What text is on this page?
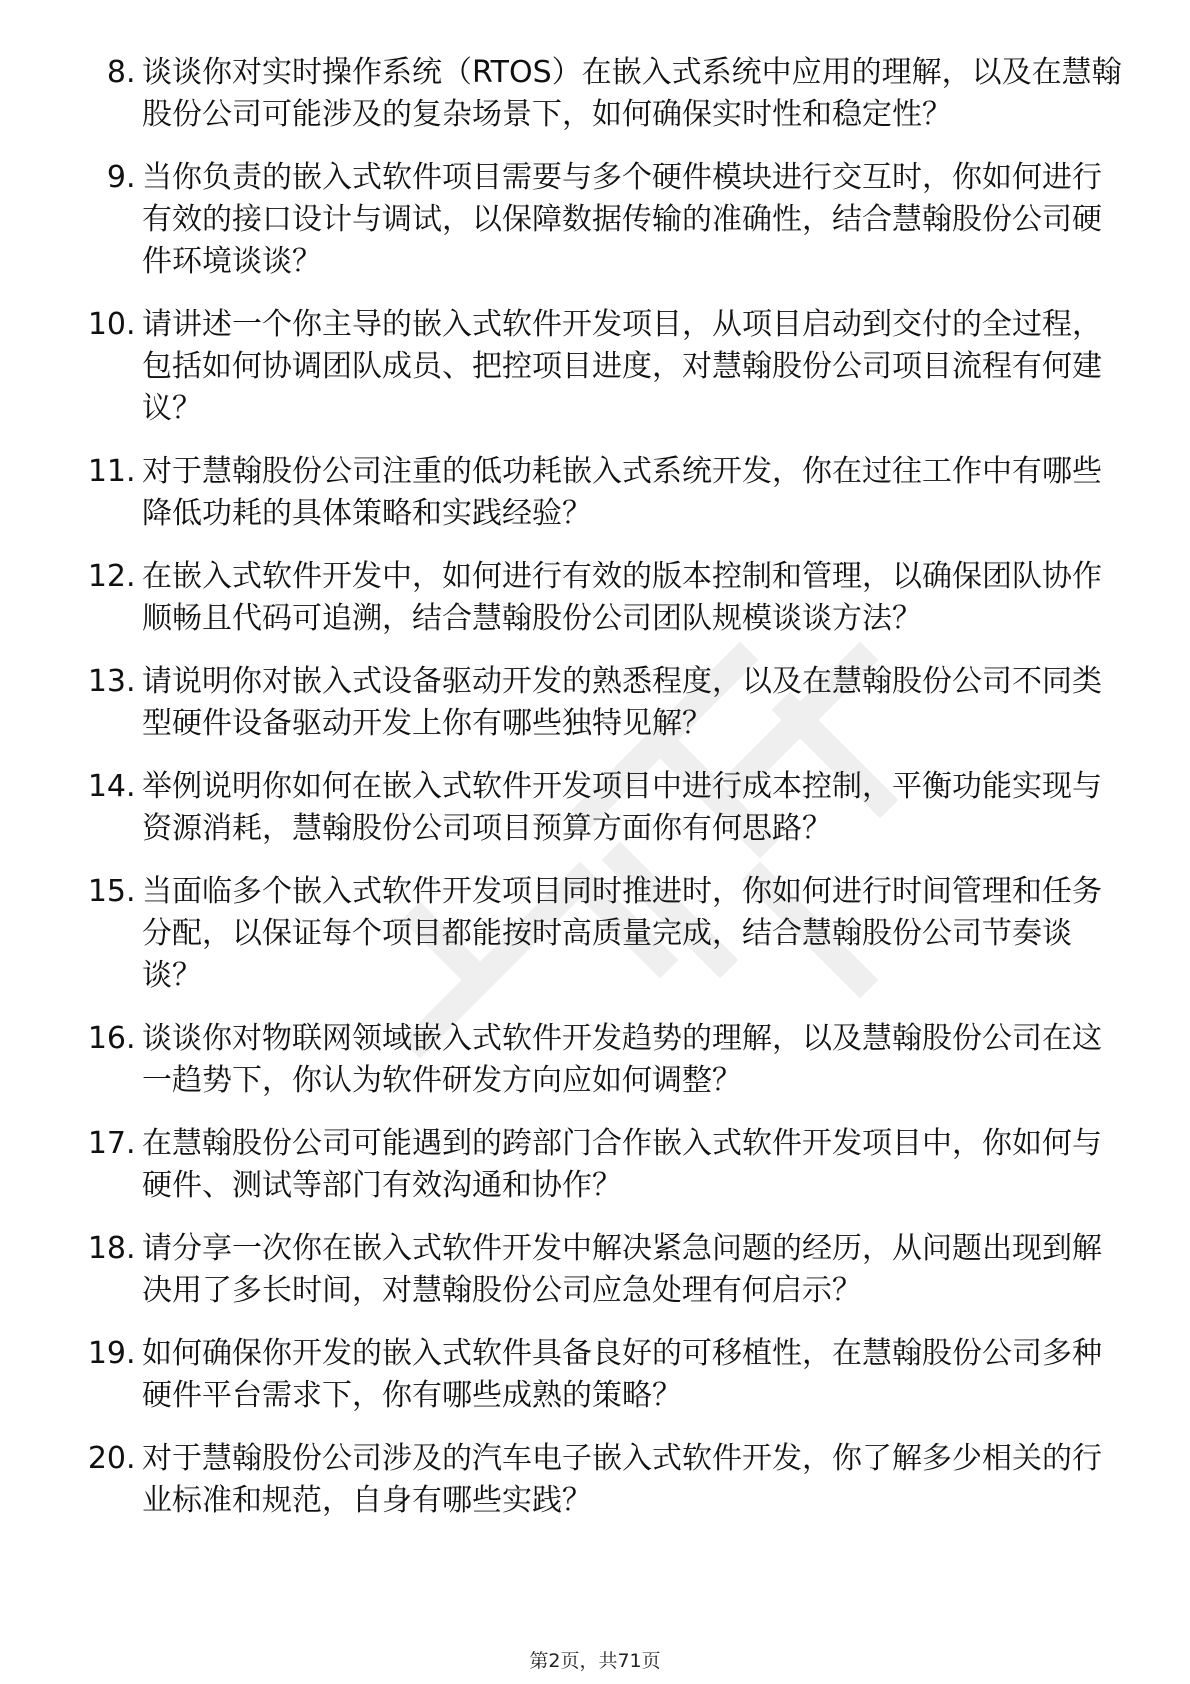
8 . 谈谈你对实时操作系统（RTOS）在嵌入式系统中应用的理解，以及在慧翰股份公司可能涉及的复杂场景下，如何确保实时性和稳定性？
9 . 当你负责的嵌入式软件项目需要与多个硬件模块进行交互时，你如何进行有效的接口设计与调试，以保障数据传输的准确性，结合慧翰股份公司硬件环境谈谈？
10 . 请讲述一个你主导的嵌入式软件开发项目，从项目启动到交付的全过程，包括如何协调团队成员、把控项目进度，对慧翰股份公司项目流程有何建议？
11 . 对于慧翰股份公司注重的低功耗嵌入式系统开发，你在过往工作中有哪些降低功耗的具体策略和实践经验？
12 . 在嵌入式软件开发中，如何进行有效的版本控制和管理，以确保团队协作顺畅且代码可追溯，结合慧翰股份公司团队规模谈谈方法？
13 . 请说明你对嵌入式设备驱动开发的熟悉程度，以及在慧翰股份公司不同类型硬件设备驱动开发上你有哪些独特见解？
14 . 举例说明你如何在嵌入式软件开发项目中进行成本控制，平衡功能实现与资源消耗，慧翰股份公司项目预算方面你有何思路？
15 . 当面临多个嵌入式软件开发项目同时推进时，你如何进行时间管理和任务分配，以保证每个项目都能按时高质量完成，结合慧翰股份公司节奏谈谈？
16 . 谈谈你对物联网领域嵌入式软件开发趋势的理解，以及慧翰股份公司在这一趋势下，你认为软件研发方向应如何调整？
17 . 在慧翰股份公司可能遇到的跨部门合作嵌入式软件开发项目中，你如何与硬件、测试等部门有效沟通和协作？
18 . 请分享一次你在嵌入式软件开发中解决紧急问题的经历，从问题出现到解决用了多长时间，对慧翰股份公司应急处理有何启示？
19 . 如何确保你开发的嵌入式软件具备良好的可移植性，在慧翰股份公司多种硬件平台需求下，你有哪些成熟的策略？
20 . 对于慧翰股份公司涉及的汽车电子嵌入式软件开发，你了解多少相关的行业标准和规范，自身有哪些实践？
第2页，共71页
